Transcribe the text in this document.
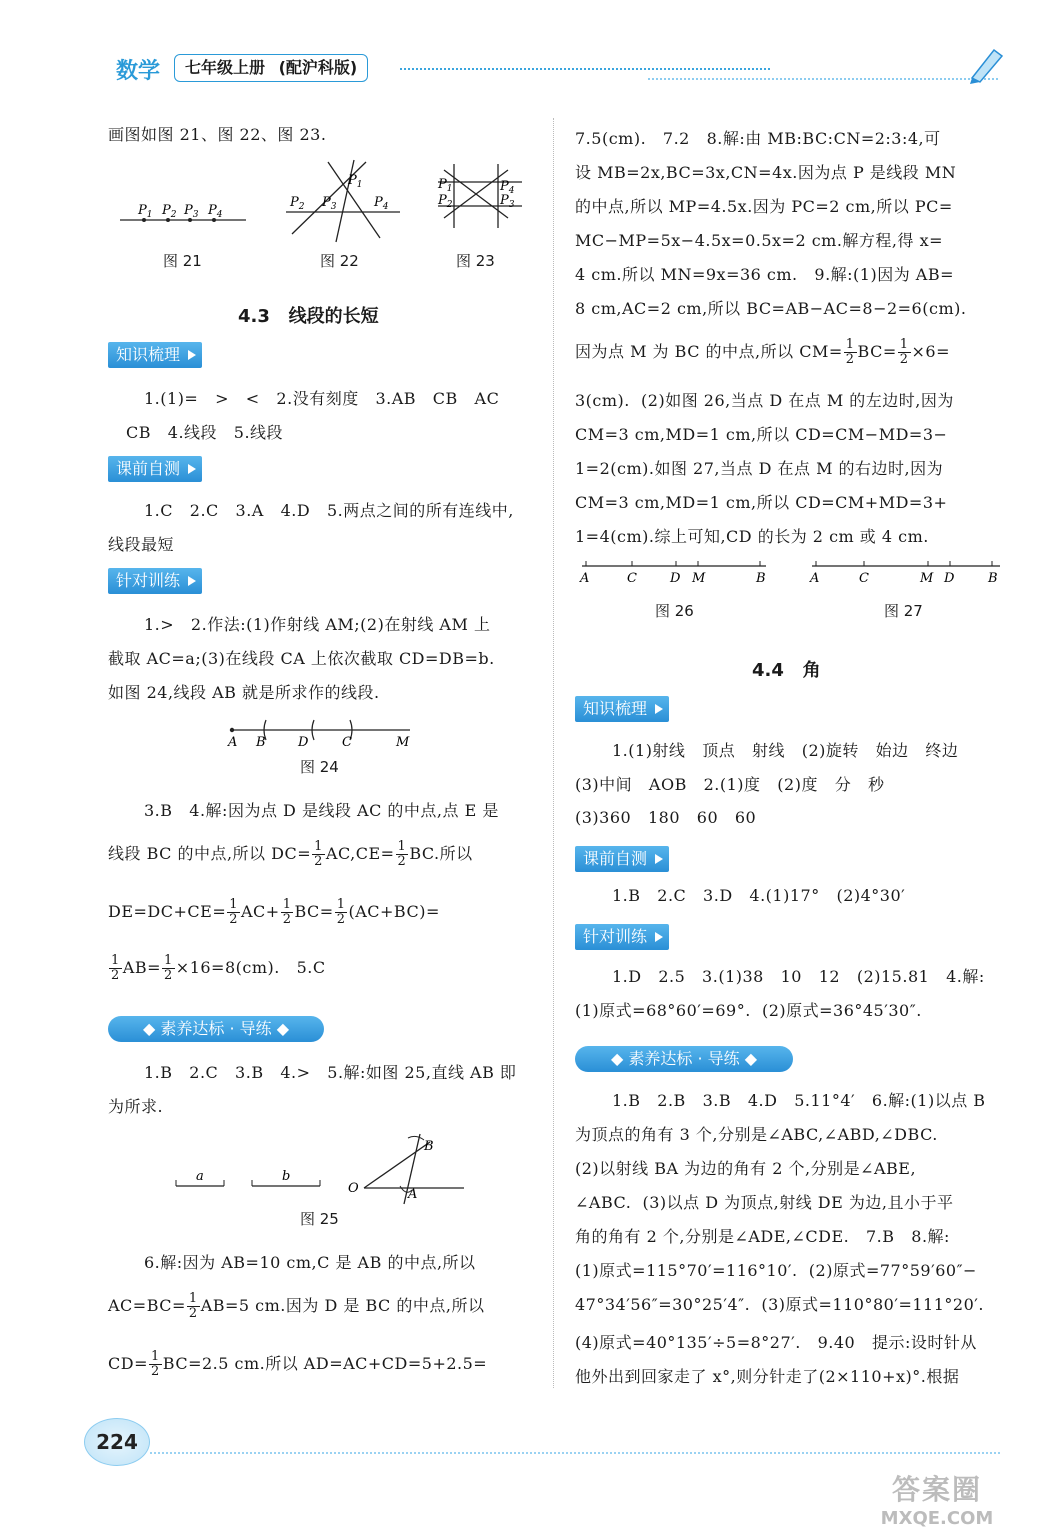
数学	七年级上册 (配沪科版)
画图如图 21、图 22、图 23.
$P_1$ $P_2$ $P_3$ $P_4$
图 21
$P_1$
$P_2$ $P_3$	$P_4$
图 22
$P_1$
$P_2$
$P_4$
$P_3$
图 23
4.3   线段的长短
知识梳理
1.(1)=   >   <   2.没有刻度   3.AB   CB   AC
CB   4.线段   5.线段
课前自测
1.C   2.C   3.A   4.D   5.两点之间的所有连线中,
线段最短
针对训练
1.>   2.作法:(1)作射线 AM;(2)在射线 AM 上
截取 AC=a;(3)在线段 CA 上依次截取 CD=DB=b.
如图 24,线段 AB 就是所求作的线段.
A B D	C	M
图 24
3.B   4.解:因为点 D 是线段 AC 的中点,点 E 是
线段 BC 的中点,所以 $DC= \frac{1}{2} AC,CE= \frac{1}{2}$ BC.所以
$DE=DC+CE= \frac{1}{2} AC+ \frac{1}{2} BC= \frac{1}{2} (AC+BC)=$
$\frac{1}{2} AB= \frac{1}{2} \times 16=8(cm)$.   5.C
◆ 素养达标 · 导练 ◆
1.B   2.C   3.B   4.>   5.解:如图 25,直线 AB 即
为所求.
a	b
O	A
B
图 25
6.解:因为 AB=10 cm,C 是 AB 的中点,所以
$AC=BC= \frac{1}{2} AB=5$ cm.因为 D 是 BC 的中点,所以
$CD= \frac{1}{2} BC=2.5$ cm.所以 AD=AC+CD=5+2.5=
7.5(cm).   7.2   8.解:由 MB:BC:CN=2:3:4,可
设 MB=2x,BC=3x,CN=4x.因为点 P 是线段 MN
的中点,所以 MP=4.5x.因为 PC=2 cm,所以 PC=
MC−MP=5x−4.5x=0.5x=2 cm.解方程,得 x=
4 cm.所以 MN=9x=36 cm.   9.解:(1)因为 AB=
8 cm,AC=2 cm,所以 BC=AB−AC=8−2=6(cm).
因为点 M 为 BC 的中点,所以 $CM= \frac{1}{2} BC= \frac{1}{2} \times 6=$
3(cm).  (2)如图 26,当点 D 在点 M 的左边时,因为
CM=3 cm,MD=1 cm,所以 CD=CM−MD=3−
1=2(cm).如图 27,当点 D 在点 M 的右边时,因为
CM=3 cm,MD=1 cm,所以 CD=CM+MD=3+
1=4(cm).综上可知,CD 的长为 2 cm 或 4 cm.
A	C	D M	B
图 26
A	C	M D	B
图 27
4.4   角
知识梳理
1.(1)射线   顶点   射线   (2)旋转   始边   终边
(3)中间   AOB   2.(1)度   (2)度   分   秒
(3)360   180   60   60
课前自测
1.B   2.C   3.D   4.(1)17°   (2)4°30′
针对训练
1.D   2.5   3.(1)38   10   12   (2)15.81   4.解:
(1)原式=68°60′=69°.  (2)原式=36°45′30″.
◆ 素养达标 · 导练 ◆
1.B   2.B   3.B   4.D   5.11°4′   6.解:(1)以点 B
为顶点的角有 3 个,分别是∠ABC,∠ABD,∠DBC.
(2)以射线 BA 为边的角有 2 个,分别是∠ABE,
∠ABC.  (3)以点 D 为顶点,射线 DE 为边,且小于平
角的角有 2 个,分别是∠ADE,∠CDE.   7.B   8.解:
(1)原式=115°70′=116°10′.  (2)原式=77°59′60″−
47°34′56″=30°25′4″.  (3)原式=110°80′=111°20′.
(4)原式=40°135′÷5=8°27′.   9.40   提示:设时针从
他外出到回家走了 x°,则分针走了(2×110+x)°.根据
224
答案圈
MXQE.COM
